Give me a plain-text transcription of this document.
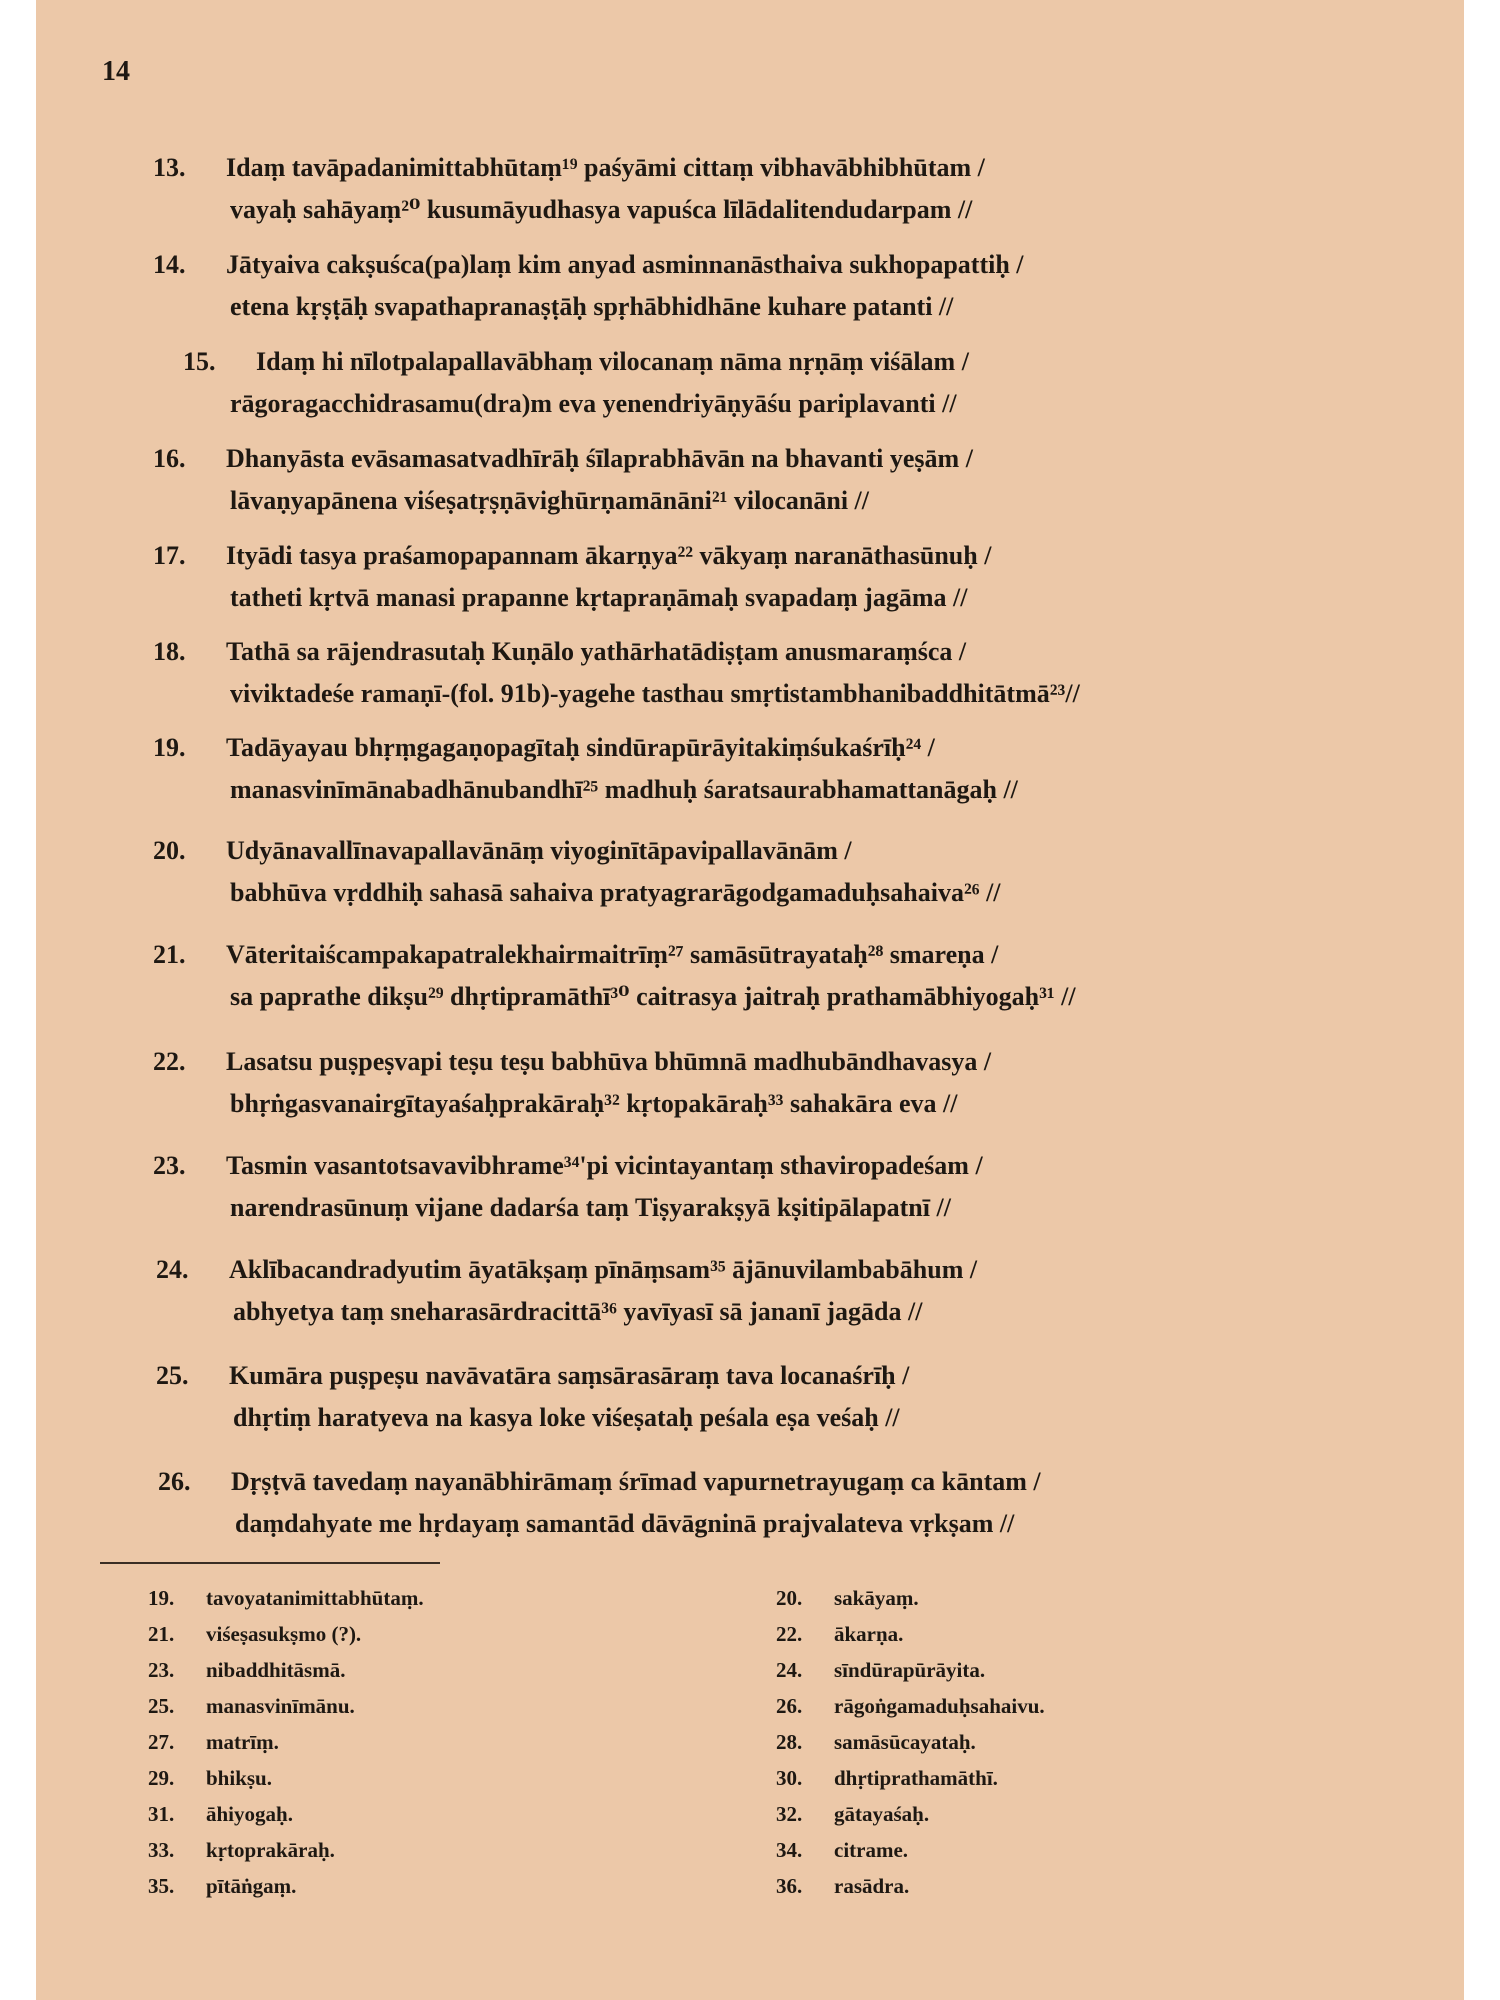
14
13. Idaṃ tavāpadanimittabhūtaṃ¹⁹ paśyāmi cittaṃ vibhavābhibhūtam /
vayaḥ sahāyaṃ²⁰ kusumāyudhasya vapuśca līlādalitendudarpam //
14. Jātyaiva cakṣuśca(pa)laṃ kim anyad asminnanāsthaiva sukhopapattiḥ /
etena kṛṣṭāḥ svapathapranaṣṭāḥ spṛhābhidhāne kuhare patanti //
15. Idaṃ hi nīlotpalapallavābhaṃ vilocanaṃ nāma nṛṇāṃ viśālam /
rāgoragacchidrasamu(dra)m eva yenendriyāṇyāśu pariplavanti //
16. Dhanyāsta evāsamasatvadhīrāḥ śīlaprabhāvān na bhavanti yeṣām /
lāvaṇyapānena viśeṣatṛṣṇāvighūrṇamānāni²¹ vilocanāni //
17. Ityādi tasya praśamopapannam ākarṇya²² vākyaṃ naranāthasūnuḥ /
tatheti kṛtvā manasi prapanne kṛtapraṇāmaḥ svapadaṃ jagāma //
18. Tathā sa rājendrasutaḥ Kuṇālo yathārhatādiṣṭam anusmaraṃśca /
viviktadeśe ramaṇī-(fol. 91b)-yagehe tasthau smṛtistambhanibaddhitātmā²³//
19. Tadāyayau bhṛṃgagaṇopagītaḥ sindūrapūrāyitakiṃśukaśrīḥ²⁴ /
manasvinīmānabadhānubandhī²⁵ madhuḥ śaratsaurabhamattanāgaḥ //
20. Udyānavallīnavapallavānāṃ viyoginītāpavipallavānām /
babhūva vṛddhiḥ sahasā sahaiva pratyagrarāgodgamaduḥsahaiva²⁶ //
21. Vāteritaiścampakapatralekhairmaitrīṃ²⁷ samāsūtrayataḥ²⁸ smareṇa /
sa paprathe dikṣu²⁹ dhṛtipramāthī³⁰ caitrasya jaitraḥ prathamābhiyogaḥ³¹ //
22. Lasatsu puṣpeṣvapi teṣu teṣu babhūva bhūmnā madhubāndhavasya /
bhṛṅgasvanairgītayaśaḥprakāraḥ³² kṛtopakāraḥ³³ sahakāra eva //
23. Tasmin vasantotsavavibhrame³⁴'pi vicintayantaṃ sthaviropadeśam /
narendrasūnuṃ vijane dadarśa taṃ Tiṣyarakṣyā kṣitipālapatnī //
24. Aklībacandradyutim āyatākṣaṃ pīnāṃsam³⁵ ājānuvilambabāhum /
abhyetya taṃ sneharasārdracittā³⁶ yavīyasī sā jananī jagāda //
25. Kumāra puṣpeṣu navāvatāra saṃsārasāraṃ tava locanaśrīḥ /
dhṛtiṃ haratyeva na kasya loke viśeṣataḥ peśala eṣa veśaḥ //
26. Dṛṣṭvā tavedaṃ nayanābhirāmaṃ śrīmad vapurnetrayugaṃ ca kāntam /
daṃdahyate me hṛdayaṃ samantād dāvāgninā prajvalateva vṛkṣam //
19. tavoyatanimittabhūtaṃ.	20. sakāyaṃ.
21. viśeṣasukṣmo (?).	22. ākarṇa.
23. nibaddhitāsmā.	24. sīndūrapūrāyita.
25. manasvinīmānu.	26. rāgoṅgamaduḥsahaivu.
27. matrīṃ.	28. samāsūcayataḥ.
29. bhikṣu.	30. dhṛtiprathamāthī.
31. āhiyogaḥ.	32. gātayaśaḥ.
33. kṛtoprakāraḥ.	34. citrame.
35. pītāṅgaṃ.	36. rasādra.
